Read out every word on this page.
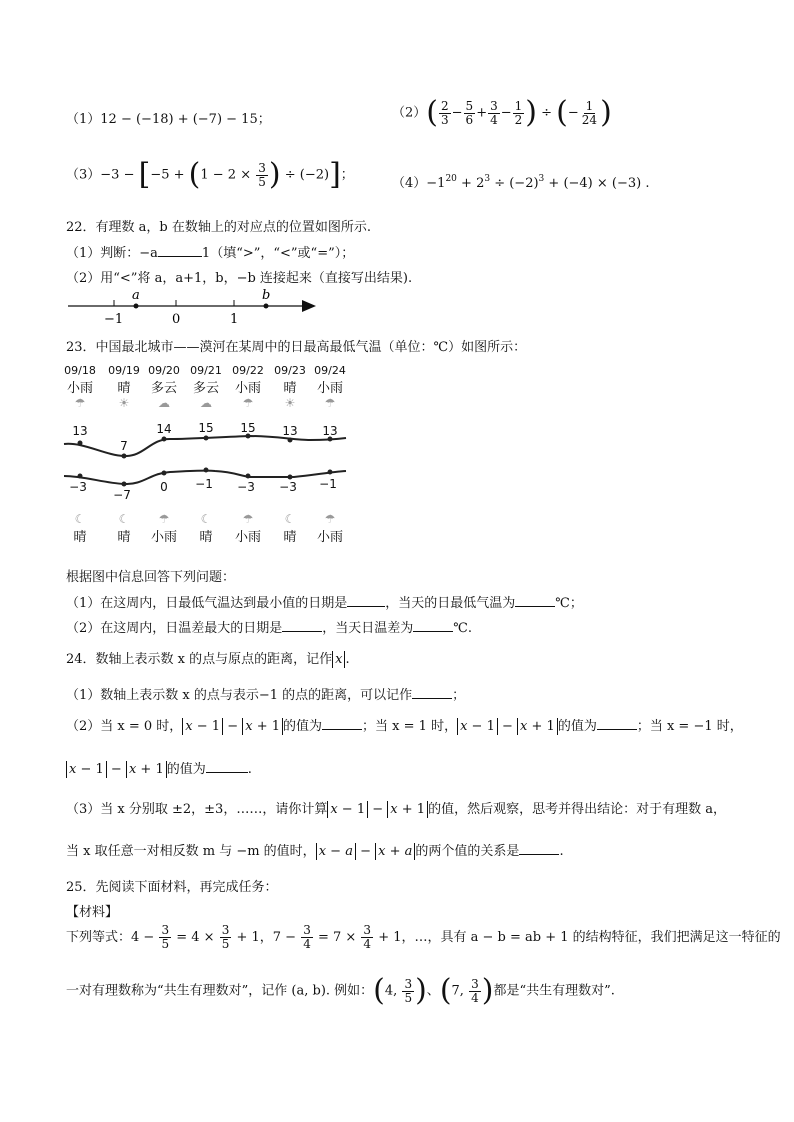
（1）12 − (−18) + (−7) − 15；	$(2)( \frac{2}{3} - \frac{5}{6} + \frac{3}{4} - \frac{1}{2}$ ) ÷ (− $\frac{1}{24}$ )
$(3)-3 - [-5 + (1 - 2 \times \frac{3}{5}$ ) ÷ (−2)]；
$(4)-1^{20} + 2^3 \div (-2)^3 + (-4) \times (-3)$ .
22．有理数 a，b 在数轴上的对应点的位置如图所示.
（1）判断：−a	1（填“>”，“<”或“=”）；
（2）用“<”将 a，a+1，b，−b 连接起来（直接写出结果).
a	b
−1	0	1
23．中国最北城市——漠河在某周中的日最高最低气温（单位：℃）如图所示：
09/18
小雨
☂
09/19
晴
☀
09/20
多云
☁
09/21
多云
☁
09/22
小雨
☂
09/23
晴
☀
09/24
小雨
☂
13
7
14	15	15	13	13
−3
−7
0	−1	−3	−3	−1
☾
晴
☾
晴
☂
小雨
☾
晴
☂
小雨
☾
晴
☂
小雨
根据图中信息回答下列问题：
（1）在这周内，日最低气温达到最小值的日期是	，当天的日最低气温为	℃；
（2）在这周内，日温差最大的日期是	，当天日温差为	℃.
24．数轴上表示数 x 的点与原点的距离，记作 x .
（1）数轴上表示数 x 的点与表示−1 的点的距离，可以记作	；
（2）当 x = 0 时， x − 1 − x + 1 的值为	；当 x = 1 时， x − 1 − x + 1 的值为	；当 x = −1 时，
x − 1 − x + 1 的值为	.
（3）当 x 分别取 ±2，±3，……，请你计算 x − 1 − x + 1 的值，然后观察，思考并得出结论：对于有理数 a，
当 x 取任意一对相反数 m 与 −m 的值时， x − a − x + a 的两个值的关系是	.
25．先阅读下面材料，再完成任务：
【材料】
下列等式：$4 - \frac{3}{5} = 4 \times \frac{3}{5} + 1$，$7 - \frac{3}{4} = 7 \times \frac{3}{4} + 1$，…，具有 a − b = ab + 1 的结构特征，我们把满足这一特征的
一对有理数称为“共生有理数对”，记作 (a, b). 例如：(4, $\frac{3}{5}$ )、(7, $\frac{3}{4}$ )都是“共生有理数对”.
